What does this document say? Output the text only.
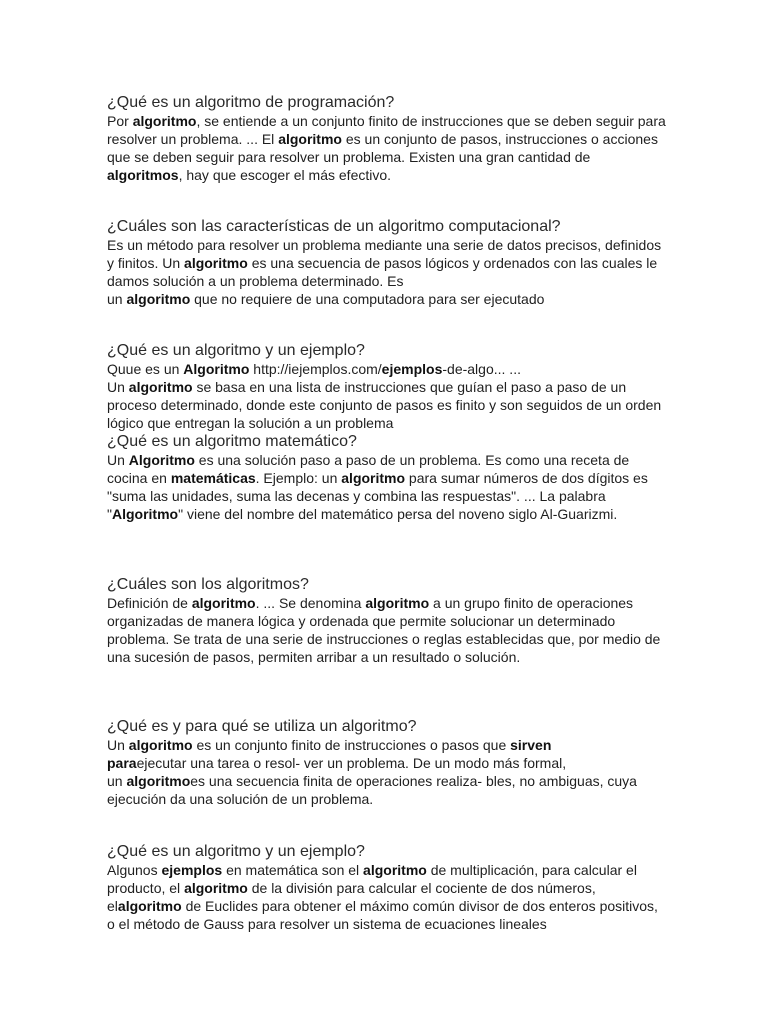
¿Qué es un algoritmo de programación?

Por algoritmo, se entiende a un conjunto finito de instrucciones que se deben seguir para resolver un problema. ... El algoritmo es un conjunto de pasos, instrucciones o acciones que se deben seguir para resolver un problema. Existen una gran cantidad de algoritmos, hay que escoger el más efectivo.

¿Cuáles son las características de un algoritmo computacional?

Es un método para resolver un problema mediante una serie de datos precisos, definidos y finitos. Un algoritmo es una secuencia de pasos lógicos y ordenados con las cuales le damos solución a un problema determinado. Es
un algoritmo que no requiere de una computadora para ser ejecutado

¿Qué es un algoritmo y un ejemplo?

Quue es un Algoritmo http://iejemplos.com/ejemplos-de-algo... ...
Un algoritmo se basa en una lista de instrucciones que guían el paso a paso de un proceso determinado, donde este conjunto de pasos es finito y son seguidos de un orden lógico que entregan la solución a un problema

¿Qué es un algoritmo matemático?

Un Algoritmo es una solución paso a paso de un problema. Es como una receta de cocina en matemáticas. Ejemplo: un algoritmo para sumar números de dos dígitos es "suma las unidades, suma las decenas y combina las respuestas". ... La palabra "Algoritmo" viene del nombre del matemático persa del noveno siglo Al-Guarizmi.

¿Cuáles son los algoritmos?

Definición de algoritmo. ... Se denomina algoritmo a un grupo finito de operaciones organizadas de manera lógica y ordenada que permite solucionar un determinado problema. Se trata de una serie de instrucciones o reglas establecidas que, por medio de una sucesión de pasos, permiten arribar a un resultado o solución.

¿Qué es y para qué se utiliza un algoritmo?

Un algoritmo es un conjunto finito de instrucciones o pasos que sirven
paraejecutar una tarea o resol- ver un problema. De un modo más formal,
un algoritmoes una secuencia finita de operaciones realiza- bles, no ambiguas, cuya ejecución da una solución de un problema.

¿Qué es un algoritmo y un ejemplo?

Algunos ejemplos en matemática son el algoritmo de multiplicación, para calcular el producto, el algoritmo de la división para calcular el cociente de dos números, elalgoritmo de Euclides para obtener el máximo común divisor de dos enteros positivos, o el método de Gauss para resolver un sistema de ecuaciones lineales
